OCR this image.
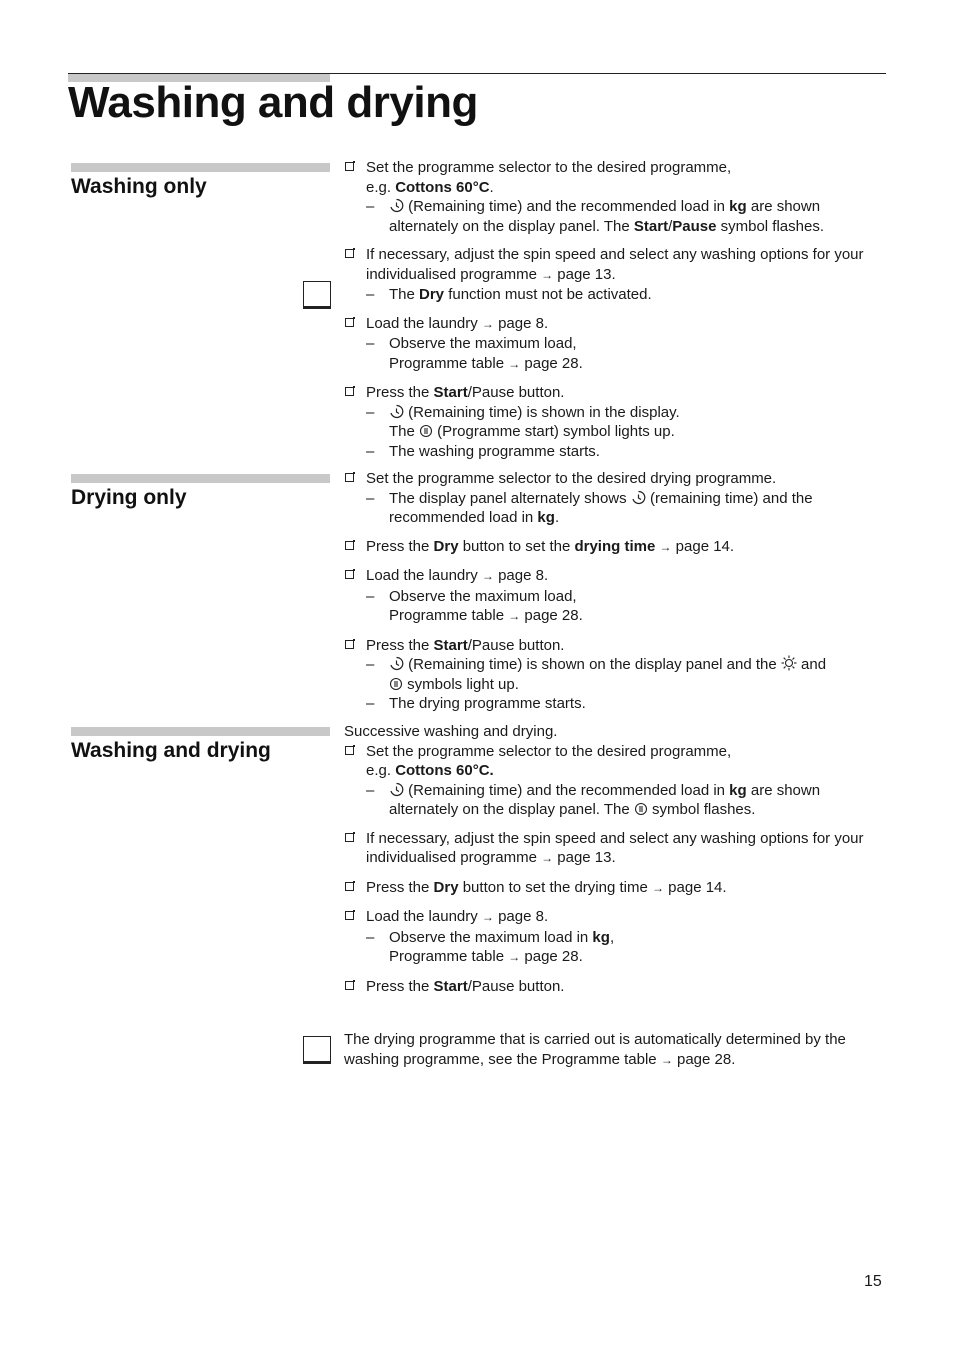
Washing and drying
Washing only
Set the programme selector to the desired programme,
e.g. Cottons 60°C.
– (Remaining time) and the recommended load in kg are shown alternately on the display panel. The Start/Pause symbol flashes.
If necessary, adjust the spin speed and select any washing options for your individualised programme → page 13.
– The Dry function must not be activated.
Load the laundry → page 8.
– Observe the maximum load,
Programme table → page 28.
Press the Start/Pause button.
– (Remaining time) is shown in the display.
The  (Programme start) symbol lights up.
– The washing programme starts.
Drying only
Set the programme selector to the desired drying programme.
– The display panel alternately shows  (remaining time) and the recommended load in kg.
Press the Dry button to set the drying time → page 14.
Load the laundry → page 8.
– Observe the maximum load,
Programme table → page 28.
Press the Start/Pause button.
– (Remaining time) is shown on the display panel and the  and
symbols light up.
– The drying programme starts.
Washing and drying

Successive washing and drying.

Set the programme selector to the desired programme,
e.g. Cottons 60°C.
– (Remaining time) and the recommended load in kg are shown alternately on the display panel. The  symbol flashes.
If necessary, adjust the spin speed and select any washing options for your individualised programme → page 13.
Press the Dry button to set the drying time → page 14.
Load the laundry → page 8.
– Observe the maximum load in kg,
Programme table → page 28.
Press the Start/Pause button.
The drying programme that is carried out is automatically determined by the washing programme, see the Programme table → page 28.
15
